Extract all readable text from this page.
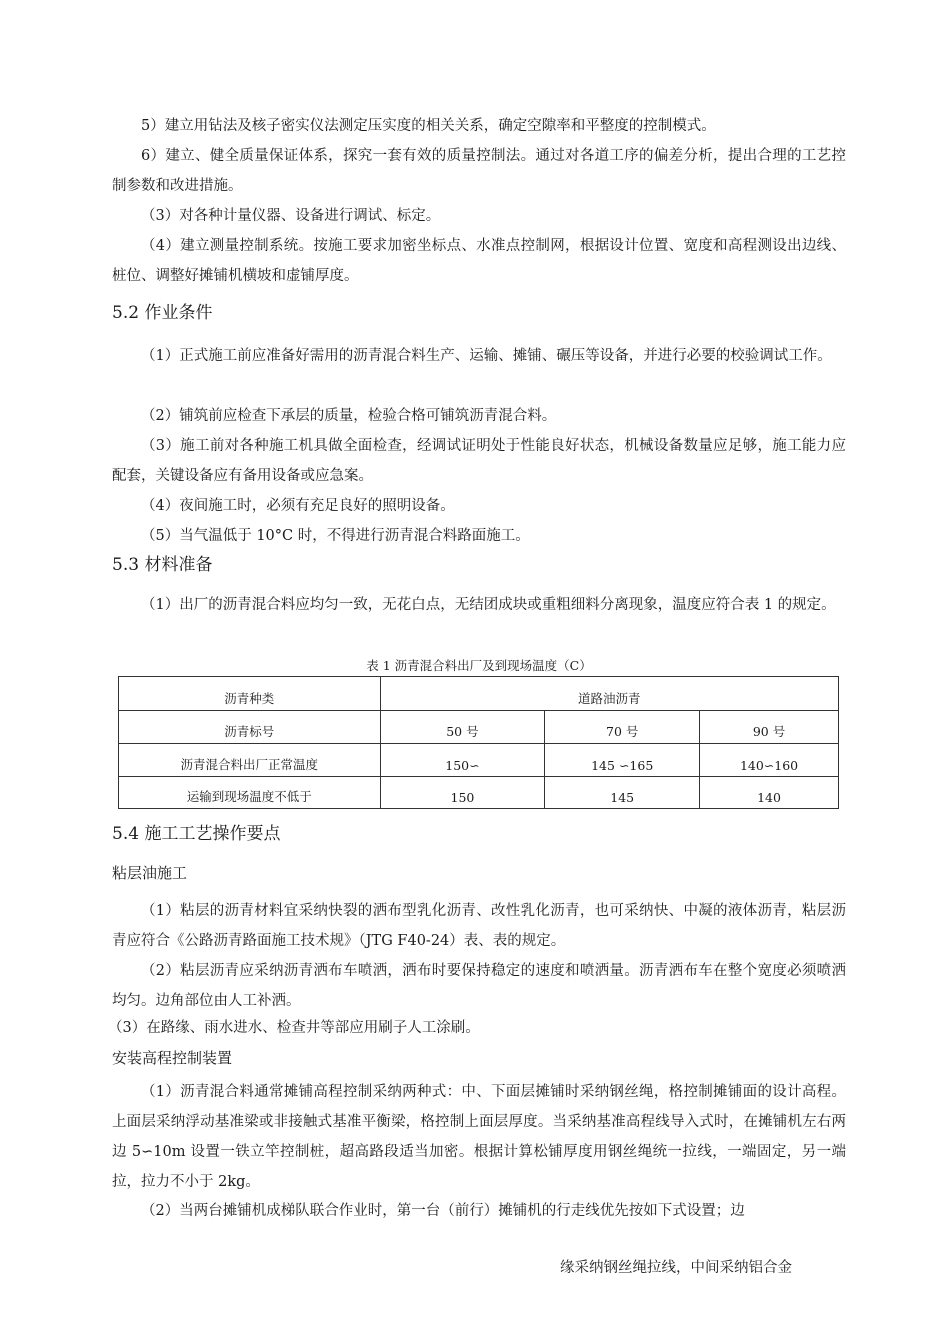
5）建立用钻法及核子密实仪法测定压实度的相关关系，确定空隙率和平整度的控制模式。

6）建立、健全质量保证体系，探究一套有效的质量控制法。通过对各道工序的偏差分析，提出合理的工艺控制参数和改进措施。

（3）对各种计量仪器、设备进行调试、标定。

（4）建立测量控制系统。按施工要求加密坐标点、水准点控制网，根据设计位置、宽度和高程测设出边线、桩位、调整好摊铺机横坡和虚铺厚度。

5.2 作业条件

（1）正式施工前应准备好需用的沥青混合料生产、运输、摊铺、碾压等设备，并进行必要的校验调试工作。

（2）铺筑前应检查下承层的质量，检验合格可铺筑沥青混合料。

（3）施工前对各种施工机具做全面检查，经调试证明处于性能良好状态，机械设备数量应足够，施工能力应配套，关键设备应有备用设备或应急案。

（4）夜间施工时，必须有充足良好的照明设备。

（5）当气温低于 10°C 时，不得进行沥青混合料路面施工。

5.3 材料准备

（1）出厂的沥青混合料应均匀一致，无花白点，无结团成块或重粗细料分离现象，温度应符合表 1 的规定。

表 1 沥青混合料出厂及到现场温度（C）
沥青种类	道路油沥青		
沥青标号	50 号	70 号	90 号
沥青混合料出厂正常温度	150∽	145 ∽165	140∽160
运输到现场温度不低于	150	145	140
5.4 施工工艺操作要点
粘层油施工

（1）粘层的沥青材料宜采纳快裂的洒布型乳化沥青、改性乳化沥青，也可采纳快、中凝的液体沥青，粘层沥青应符合《公路沥青路面施工技术规》（JTG F40-24）表、表的规定。

（2）粘层沥青应采纳沥青洒布车喷洒，洒布时要保持稳定的速度和喷洒量。沥青洒布车在整个宽度必须喷洒均匀。边角部位由人工补洒。

（3）在路缘、雨水进水、检查井等部应用刷子人工涂刷。

安装高程控制装置

（1）沥青混合料通常摊铺高程控制采纳两种式：中、下面层摊铺时采纳钢丝绳，格控制摊铺面的设计高程。上面层采纳浮动基准梁或非接触式基准平衡梁，格控制上面层厚度。当采纳基准高程线导入式时，在摊铺机左右两边 5∽10m 设置一铁立竿控制桩，超高路段适当加密。根据计算松铺厚度用钢丝绳统一拉线，一端固定，另一端拉，拉力不小于 2kg。

（2）当两台摊铺机成梯队联合作业时，第一台（前行）摊铺机的行走线优先按如下式设置；边

缘采纳钢丝绳拉线，中间采纳铝合金
